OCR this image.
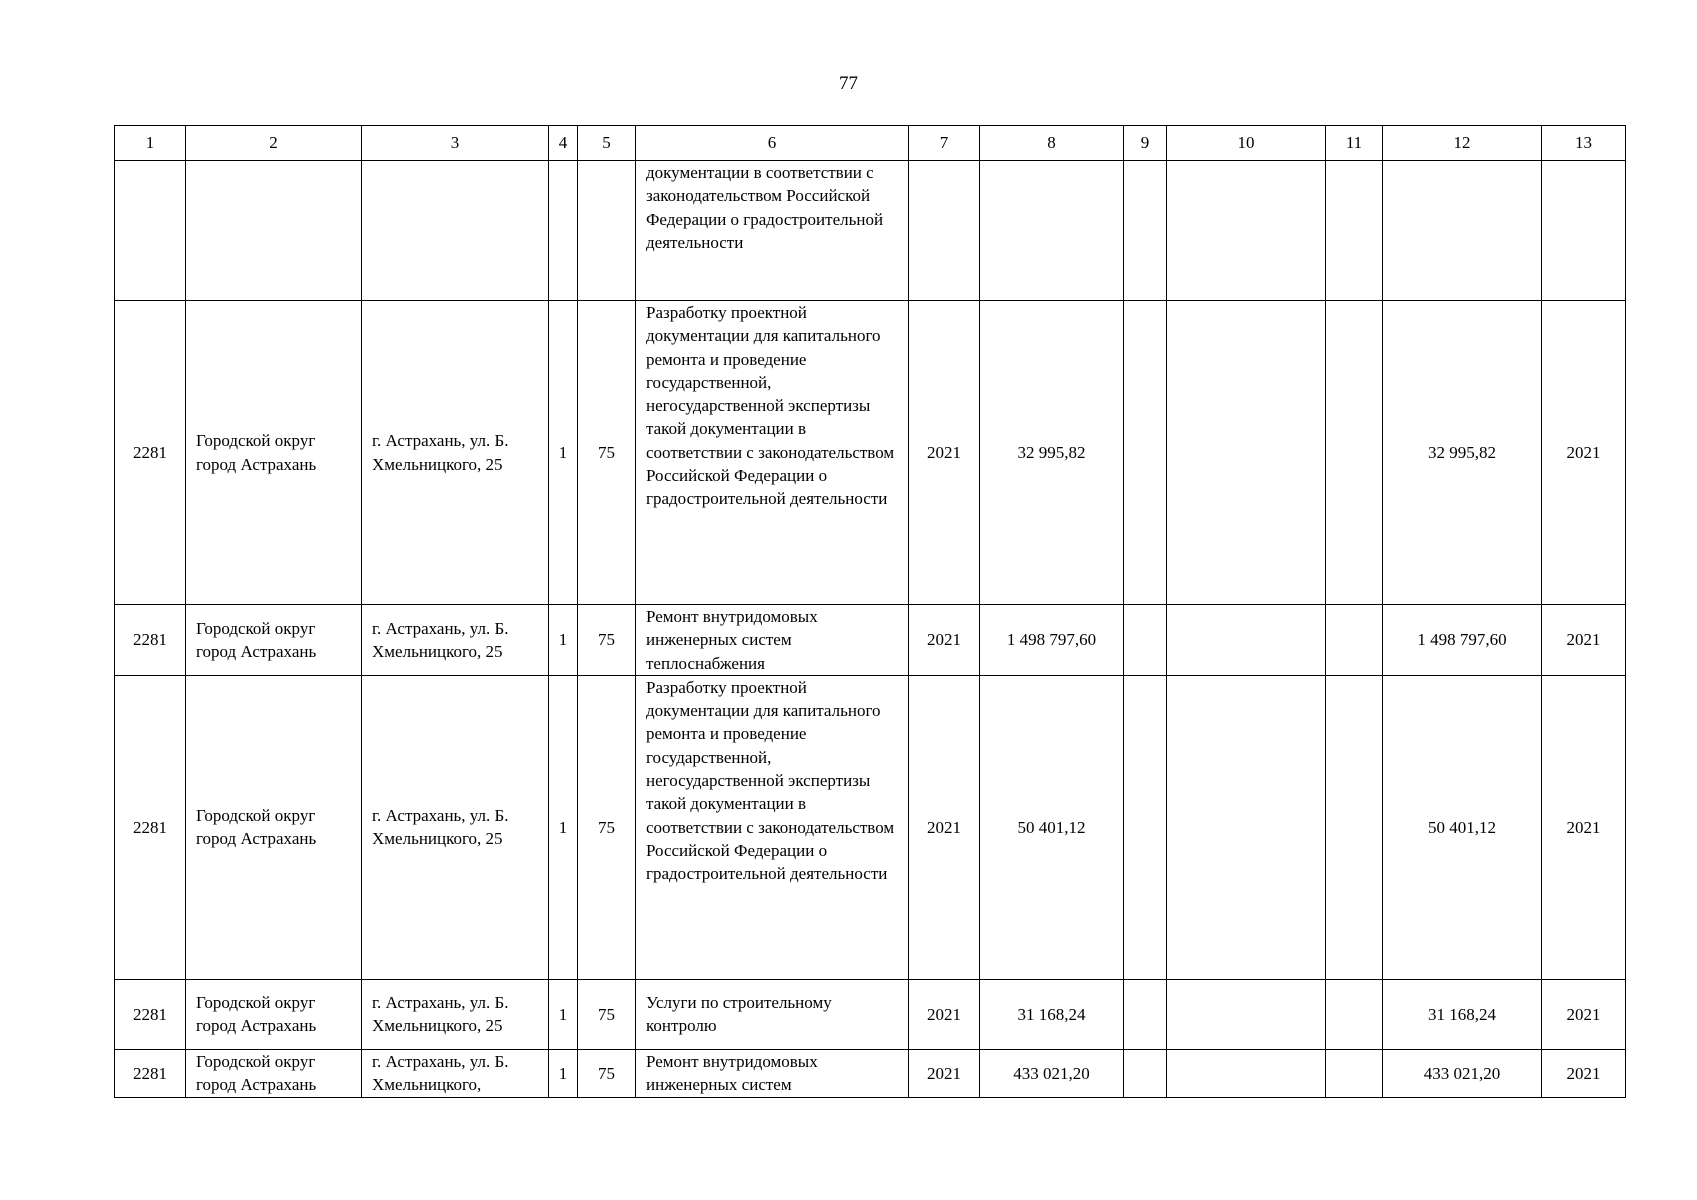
77
1	2	3	4	5	6	7	8	9	10	11	12	13
					документации в соответствии с законодательством Российской Федерации о градостроительной деятельности							
2281	Городской округ город Астрахань	г. Астрахань, ул. Б. Хмельницкого, 25	1	75	Разработку проектной документации для капитального ремонта и проведение государственной, негосударственной экспертизы такой документации в соответствии с законодательством Российской Федерации о градостроительной деятельности	2021	32 995,82				32 995,82	2021
2281	Городской округ город Астрахань	г. Астрахань, ул. Б. Хмельницкого, 25	1	75	Ремонт внутридомовых инженерных систем теплоснабжения	2021	1 498 797,60				1 498 797,60	2021
2281	Городской округ город Астрахань	г. Астрахань, ул. Б. Хмельницкого, 25	1	75	Разработку проектной документации для капитального ремонта и проведение государственной, негосударственной экспертизы такой документации в соответствии с законодательством Российской Федерации о градостроительной деятельности	2021	50 401,12				50 401,12	2021
2281	Городской округ город Астрахань	г. Астрахань, ул. Б. Хмельницкого, 25	1	75	Услуги по строительному контролю	2021	31 168,24				31 168,24	2021
2281	Городской округ город Астрахань	г. Астрахань, ул. Б. Хмельницкого,	1	75	Ремонт внутридомовых инженерных систем	2021	433 021,20				433 021,20	2021
